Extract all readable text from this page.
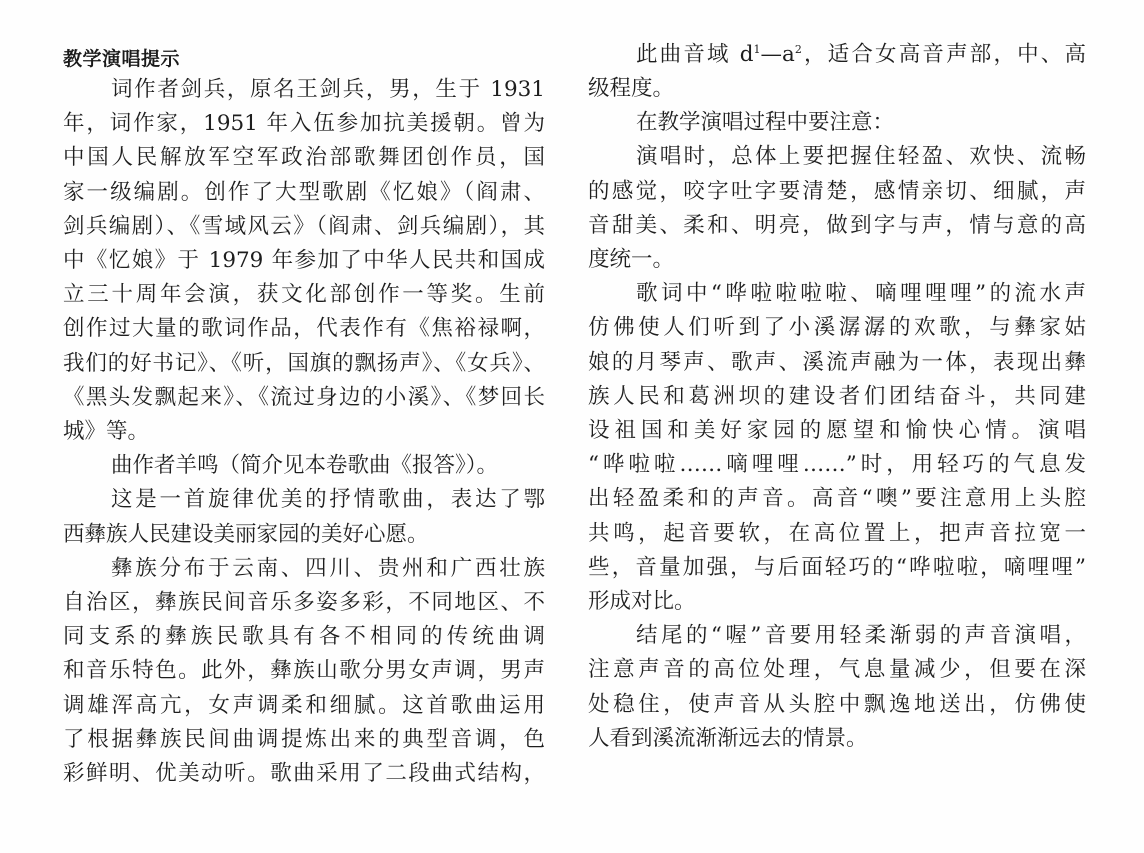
教学演唱提示
词作者剑兵，原名王剑兵，男，生于 1931
年，词作家，1951 年入伍参加抗美援朝。曾为
中国人民解放军空军政治部歌舞团创作员，国
家一级编剧。创作了大型歌剧《忆娘》（阎肃、
剑兵编剧）、《雪域风云》（阎肃、剑兵编剧），其
中《忆娘》于 1979 年参加了中华人民共和国成
立三十周年会演，获文化部创作一等奖。生前
创作过大量的歌词作品，代表作有《焦裕禄啊，
我们的好书记》、《听，国旗的飘扬声》、《女兵》、
《黑头发飘起来》、《流过身边的小溪》、《梦回长
城》等。
曲作者羊鸣（简介见本卷歌曲《报答》）。
这是一首旋律优美的抒情歌曲，表达了鄂
西彝族人民建设美丽家园的美好心愿。
彝族分布于云南、四川、贵州和广西壮族
自治区，彝族民间音乐多姿多彩，不同地区、不
同支系的彝族民歌具有各不相同的传统曲调
和音乐特色。此外，彝族山歌分男女声调，男声
调雄浑高亢，女声调柔和细腻。这首歌曲运用
了根据彝族民间曲调提炼出来的典型音调，色
彩鲜明、优美动听。歌曲采用了二段曲式结构，
此曲音域 $d^1—a^2$，适合女高音声部，中、高
级程度。
在教学演唱过程中要注意：
演唱时，总体上要把握住轻盈、欢快、流畅
的感觉，咬字吐字要清楚，感情亲切、细腻，声
音甜美、柔和、明亮，做到字与声，情与意的高
度统一。
歌词中“哗啦啦啦啦、嘀哩哩哩”的流水声
仿佛使人们听到了小溪潺潺的欢歌，与彝家姑
娘的月琴声、歌声、溪流声融为一体，表现出彝
族人民和葛洲坝的建设者们团结奋斗，共同建
设祖国和美好家园的愿望和愉快心情。演唱
“哗啦啦……嘀哩哩……”时，用轻巧的气息发
出轻盈柔和的声音。高音“噢”要注意用上头腔
共鸣，起音要软，在高位置上，把声音拉宽一
些，音量加强，与后面轻巧的“哗啦啦，嘀哩哩”
形成对比。
结尾的“喔”音要用轻柔渐弱的声音演唱，
注意声音的高位处理，气息量减少，但要在深
处稳住，使声音从头腔中飘逸地送出，仿佛使
人看到溪流渐渐远去的情景。
